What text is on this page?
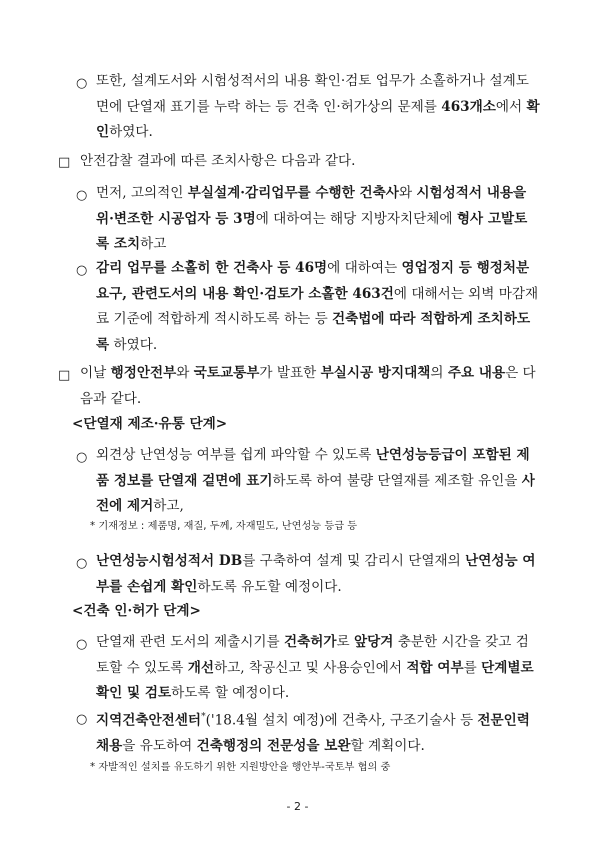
○ 또한, 설계도서와 시험성적서의 내용 확인·검토 업무가 소홀하거나 설계도면에 단열재 표기를 누락 하는 등 건축 인·허가상의 문제를 463개소에서 확인하였다.
□ 안전감찰 결과에 따른 조치사항은 다음과 같다.
○ 먼저, 고의적인 부실설계·감리업무를 수행한 건축사와 시험성적서 내용을 위·변조한 시공업자 등 3명에 대하여는 해당 지방자치단체에 형사 고발토록 조치하고
○ 감리 업무를 소홀히 한 건축사 등 46명에 대하여는 영업정지 등 행정처분 요구, 관련도서의 내용 확인·검토가 소홀한 463건에 대해서는 외벽 마감재료 기준에 적합하게 적시하도록 하는 등 건축법에 따라 적합하게 조치하도록 하였다.
□ 이날 행정안전부와 국토교통부가 발표한 부실시공 방지대책의 주요 내용은 다음과 같다.
<단열재 제조·유통 단계>
○ 외견상 난연성능 여부를 쉽게 파악할 수 있도록 난연성능등급이 포함된 제품 정보를 단열재 겉면에 표기하도록 하여 불량 단열재를 제조할 유인을 사전에 제거하고,
* 기재정보 : 제품명, 재질, 두께, 자재밀도, 난연성능 등급 등
○ 난연성능시험성적서 DB를 구축하여 설계 및 감리시 단열재의 난연성능 여부를 손쉽게 확인하도록 유도할 예정이다.
<건축 인·허가 단계>
○ 단열재 관련 도서의 제출시기를 건축허가로 앞당겨 충분한 시간을 갖고 검토할 수 있도록 개선하고, 착공신고 및 사용승인에서 적합 여부를 단계별로 확인 및 검토하도록 할 예정이다.
○ 지역건축안전센터*('18.4월 설치 예정)에 건축사, 구조기술사 등 전문인력 채용을 유도하여 건축행정의 전문성을 보완할 계획이다.
* 자발적인 설치를 유도하기 위한 지원방안을 행안부-국토부 협의 중
- 2 -
